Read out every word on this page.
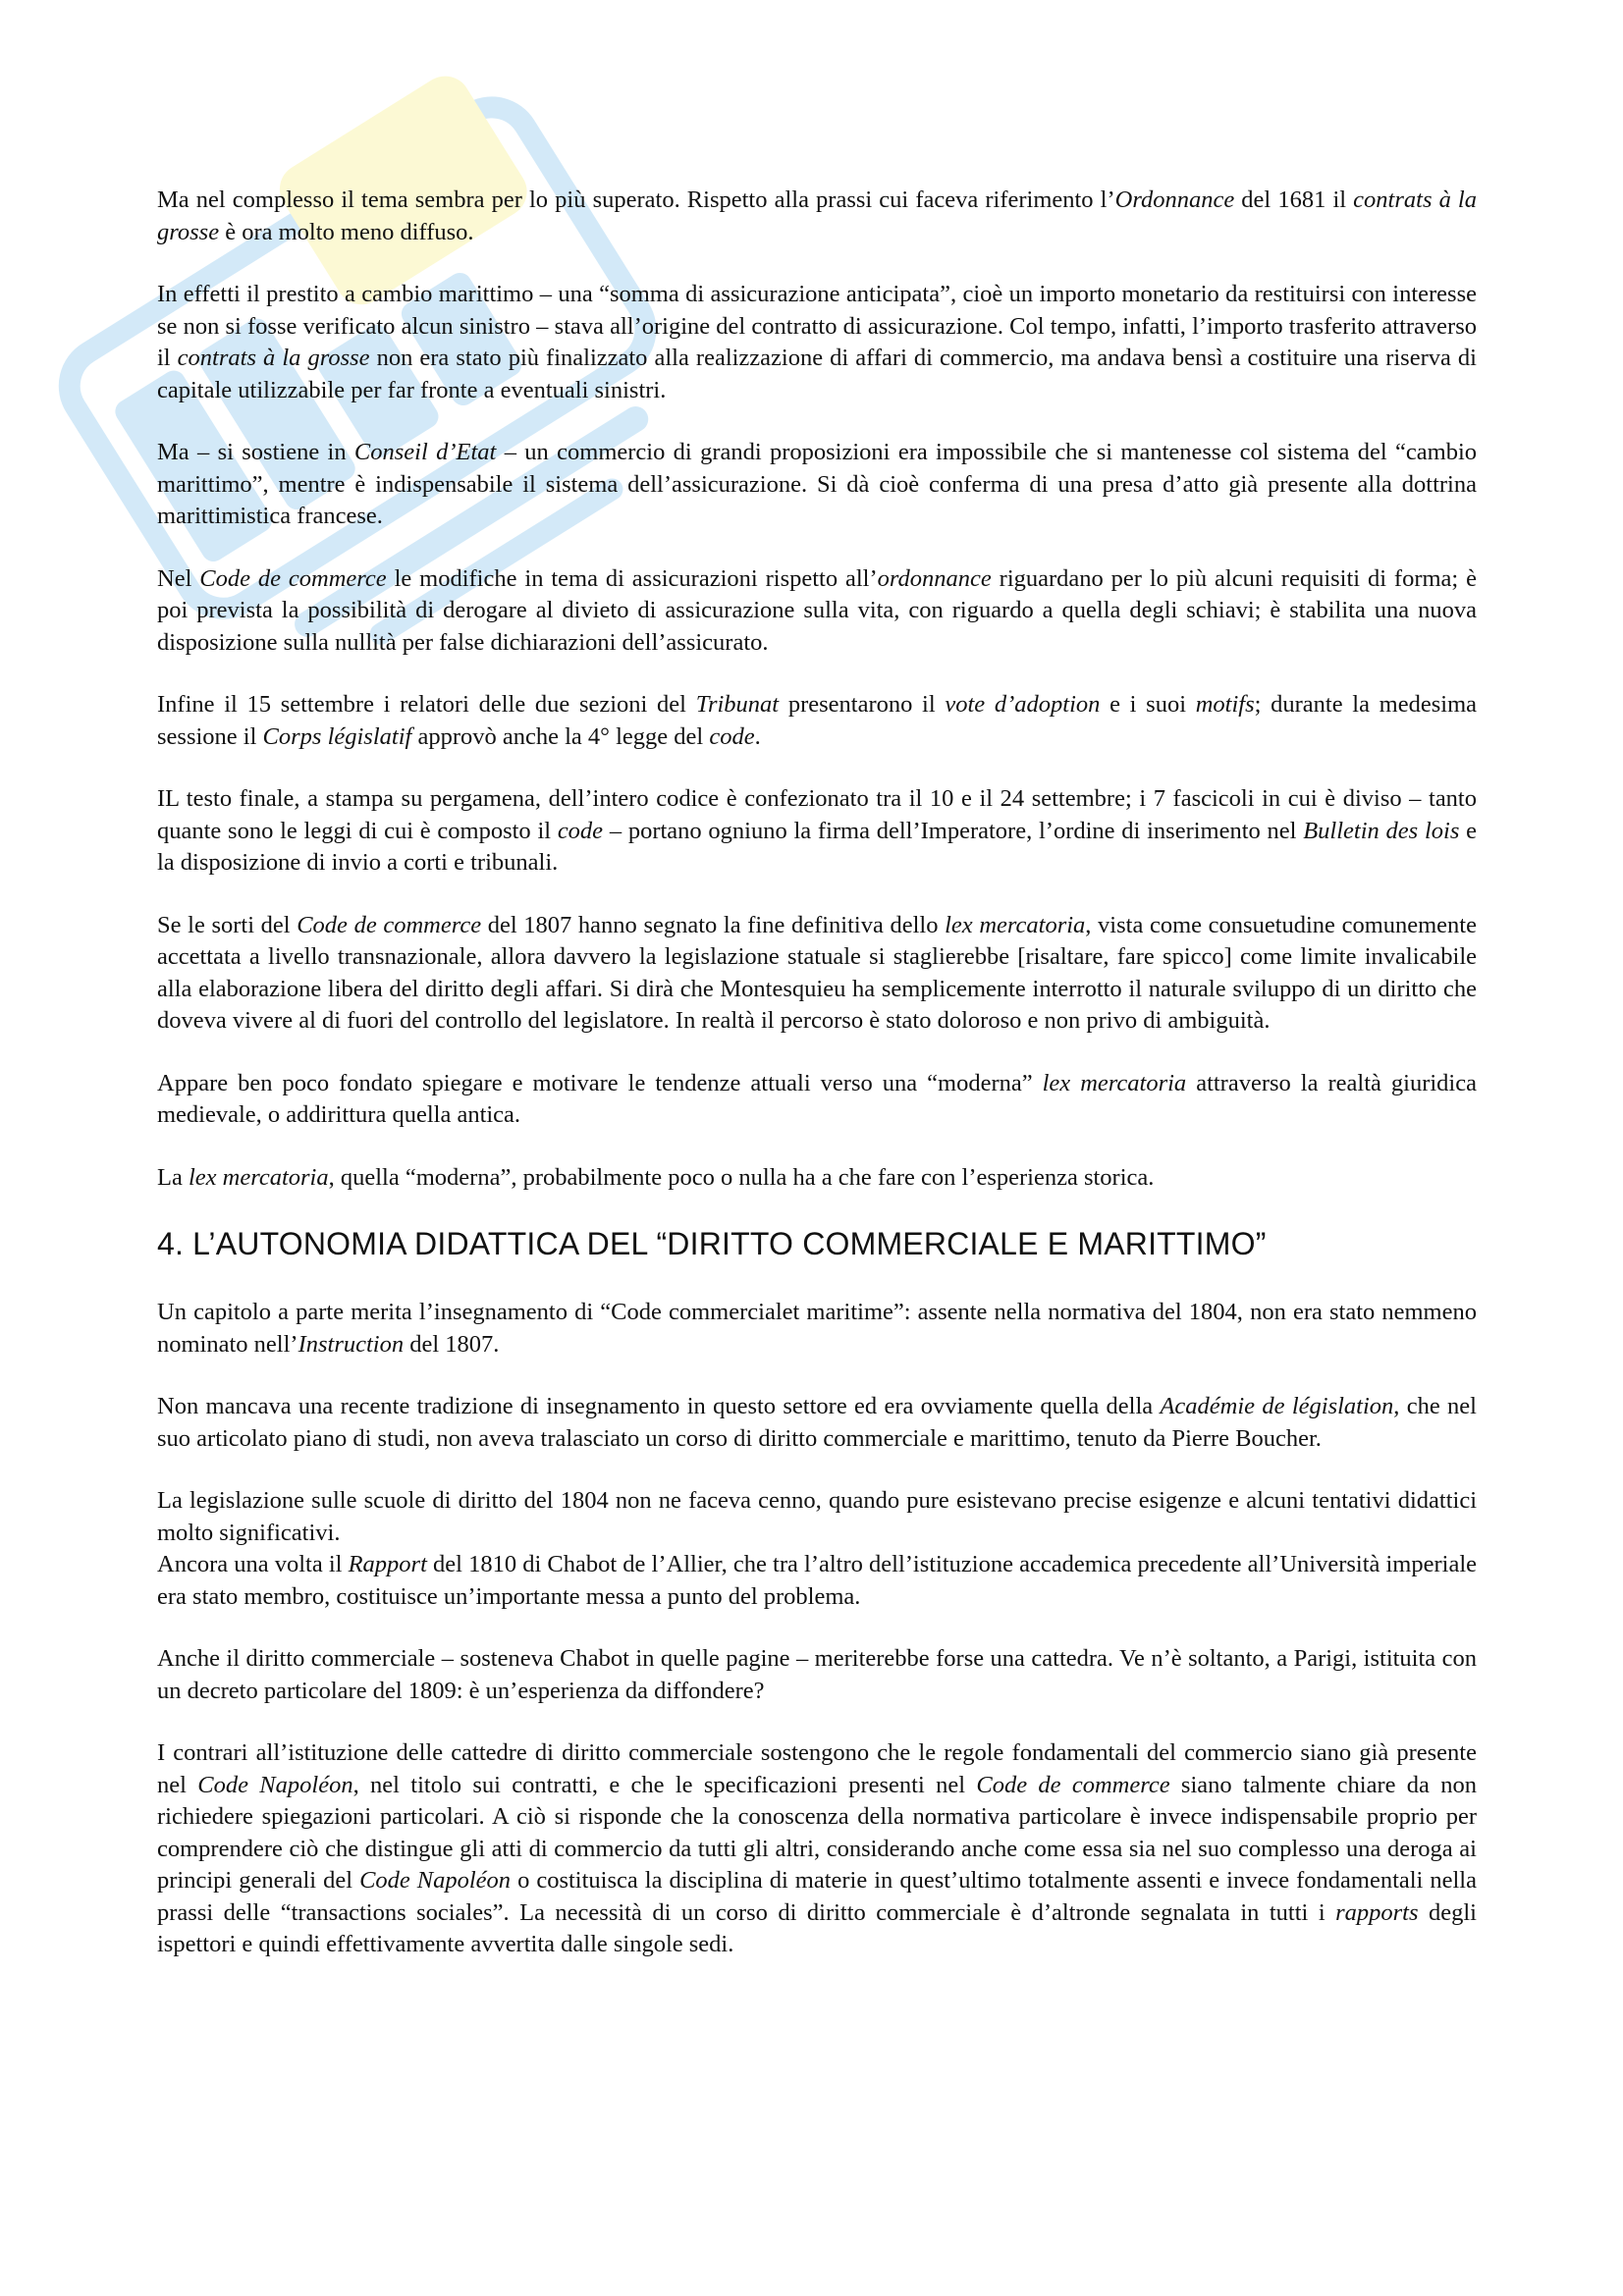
Ma nel complesso il tema sembra per lo più superato. Rispetto alla prassi cui faceva riferimento l’Ordonnance del 1681 il contrats à la grosse è ora molto meno diffuso.

In effetti il prestito a cambio marittimo – una “somma di assicurazione anticipata”, cioè un importo monetario da restituirsi con interesse se non si fosse verificato alcun sinistro – stava all’origine del contratto di assicurazione. Col tempo, infatti, l’importo trasferito attraverso il contrats à la grosse non era stato più finalizzato alla realizzazione di affari di commercio, ma andava bensì a costituire una riserva di capitale utilizzabile per far fronte a eventuali sinistri.

Ma – si sostiene in Conseil d’Etat – un commercio di grandi proposizioni era impossibile che si mantenesse col sistema del “cambio marittimo”, mentre è indispensabile il sistema dell’assicurazione. Si dà cioè conferma di una presa d’atto già presente alla dottrina marittimistica francese.

Nel Code de commerce le modifiche in tema di assicurazioni rispetto all’ordonnance riguardano per lo più alcuni requisiti di forma; è poi prevista la possibilità di derogare al divieto di assicurazione sulla vita, con riguardo a quella degli schiavi; è stabilita una nuova disposizione sulla nullità per false dichiarazioni dell’assicurato.

Infine il 15 settembre i relatori delle due sezioni del Tribunat presentarono il vote d’adoption e i suoi motifs; durante la medesima sessione il Corps législatif approvò anche la 4° legge del code.

IL testo finale, a stampa su pergamena, dell’intero codice è confezionato tra il 10 e il 24 settembre; i 7 fascicoli in cui è diviso – tanto quante sono le leggi di cui è composto il code – portano ogniuno la firma dell’Imperatore, l’ordine di inserimento nel Bulletin des lois e la disposizione di invio a corti e tribunali.

Se le sorti del Code de commerce del 1807 hanno segnato la fine definitiva dello lex mercatoria, vista come consuetudine comunemente accettata a livello transnazionale, allora davvero la legislazione statuale si staglierebbe [risaltare, fare spicco] come limite invalicabile alla elaborazione libera del diritto degli affari. Si dirà che Montesquieu ha semplicemente interrotto il naturale sviluppo di un diritto che doveva vivere al di fuori del controllo del legislatore. In realtà il percorso è stato doloroso e non privo di ambiguità.

Appare ben poco fondato spiegare e motivare le tendenze attuali verso una “moderna” lex mercatoria attraverso la realtà giuridica medievale, o addirittura quella antica.

La lex mercatoria, quella “moderna”, probabilmente poco o nulla ha a che fare con l’esperienza storica.

4. L’AUTONOMIA DIDATTICA DEL “DIRITTO COMMERCIALE E MARITTIMO”

Un capitolo a parte merita l’insegnamento di “Code commercialet maritime”: assente nella normativa del 1804, non era stato nemmeno nominato nell’Instruction del 1807.

Non mancava una recente tradizione di insegnamento in questo settore ed era ovviamente quella della Académie de législation, che nel suo articolato piano di studi, non aveva tralasciato un corso di diritto commerciale e marittimo, tenuto da Pierre Boucher.

La legislazione sulle scuole di diritto del 1804 non ne faceva cenno, quando pure esistevano precise esigenze e alcuni tentativi didattici molto significativi.

Ancora una volta il Rapport del 1810 di Chabot de l’Allier, che tra l’altro dell’istituzione accademica precedente all’Università imperiale era stato membro, costituisce un’importante messa a punto del problema.

Anche il diritto commerciale – sosteneva Chabot in quelle pagine – meriterebbe forse una cattedra. Ve n’è soltanto, a Parigi, istituita con un decreto particolare del 1809: è un’esperienza da diffondere?

I contrari all’istituzione delle cattedre di diritto commerciale sostengono che le regole fondamentali del commercio siano già presente nel Code Napoléon, nel titolo sui contratti, e che le specificazioni presenti nel Code de commerce siano talmente chiare da non richiedere spiegazioni particolari. A ciò si risponde che la conoscenza della normativa particolare è invece indispensabile proprio per comprendere ciò che distingue gli atti di commercio da tutti gli altri, considerando anche come essa sia nel suo complesso una deroga ai principi generali del Code Napoléon o costituisca la disciplina di materie in quest’ultimo totalmente assenti e invece fondamentali nella prassi delle “transactions sociales”. La necessità di un corso di diritto commerciale è d’altronde segnalata in tutti i rapports degli ispettori e quindi effettivamente avvertita dalle singole sedi.
